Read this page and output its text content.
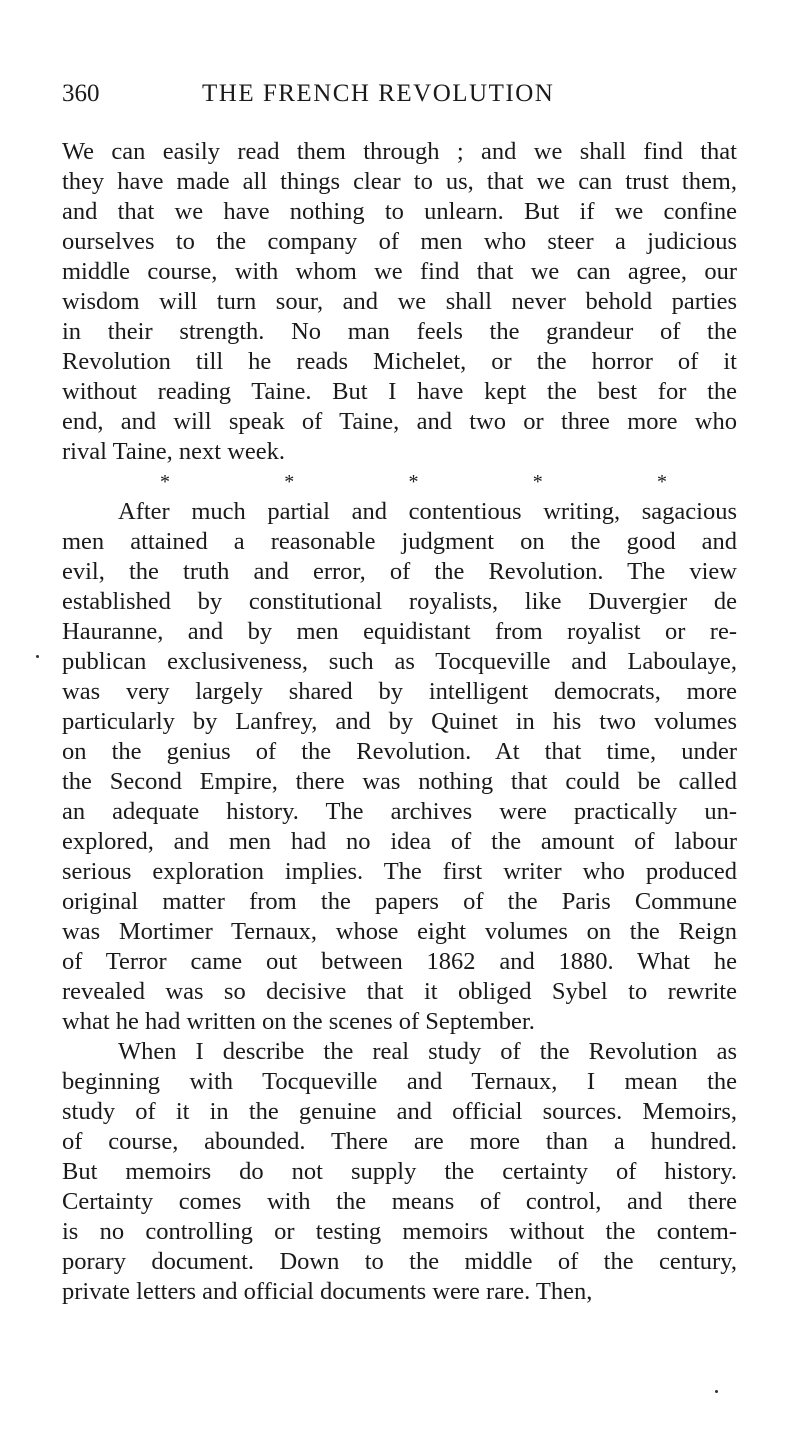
360	THE FRENCH REVOLUTION
We can easily read them through ; and we shall find that
they have made all things clear to us, that we can trust them,
and that we have nothing to unlearn. But if we confine
ourselves to the company of men who steer a judicious
middle course, with whom we find that we can agree, our
wisdom will turn sour, and we shall never behold parties
in their strength. No man feels the grandeur of the
Revolution till he reads Michelet, or the horror of it
without reading Taine. But I have kept the best for the
end, and will speak of Taine, and two or three more who
rival Taine, next week.
*	*	*	*	*
After much partial and contentious writing, sagacious
men attained a reasonable judgment on the good and
evil, the truth and error, of the Revolution. The view
established by constitutional royalists, like Duvergier de
Hauranne, and by men equidistant from royalist or re-
publican exclusiveness, such as Tocqueville and Laboulaye,
was very largely shared by intelligent democrats, more
particularly by Lanfrey, and by Quinet in his two volumes
on the genius of the Revolution. At that time, under
the Second Empire, there was nothing that could be called
an adequate history. The archives were practically un-
explored, and men had no idea of the amount of labour
serious exploration implies. The first writer who produced
original matter from the papers of the Paris Commune
was Mortimer Ternaux, whose eight volumes on the Reign
of Terror came out between 1862 and 1880. What he
revealed was so decisive that it obliged Sybel to rewrite
what he had written on the scenes of September.
When I describe the real study of the Revolution as
beginning with Tocqueville and Ternaux, I mean the
study of it in the genuine and official sources. Memoirs,
of course, abounded. There are more than a hundred.
But memoirs do not supply the certainty of history.
Certainty comes with the means of control, and there
is no controlling or testing memoirs without the contem-
porary document. Down to the middle of the century,
private letters and official documents were rare. Then,
